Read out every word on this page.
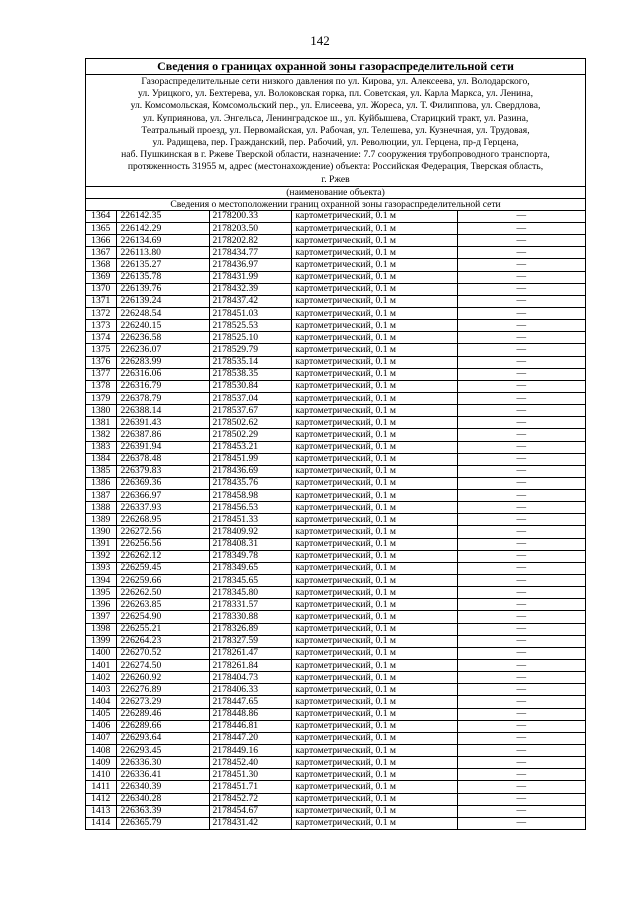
142
Сведения о границах охранной зоны газораспределительной сети
Газораспределительные сети низкого давления по ул. Кирова, ул. Алексеева, ул. Володарского,
ул. Урицкого, ул. Бехтерева, ул. Волоковская горка, пл. Советская, ул. Карла Маркса, ул. Ленина,
ул. Комсомольская, Комсомольский пер., ул. Елисеева, ул. Жореса, ул. Т. Филиппова, ул. Свердлова,
ул. Куприянова, ул. Энгельса, Ленинградское ш., ул. Куйбышева, Старицкий тракт, ул. Разина,
Театральный проезд, ул. Первомайская, ул. Рабочая, ул. Телешева, ул. Кузнечная, ул. Трудовая,
ул. Радищева, пер. Гражданский, пер. Рабочий, ул. Революции, ул. Герцена, пр-д Герцена,
наб. Пушкинская в г. Ржеве Тверской области, назначение: 7.7 сооружения трубопроводного транспорта,
протяженность 31955 м, адрес (местонахождение) объекта: Российская Федерация, Тверская область,
г. Ржев
(наименование объекта)
Сведения о местоположении границ охранной зоны газораспределительной сети
1364	226142.35	2178200.33	картометрический, 0.1 м	—
1365	226142.29	2178203.50	картометрический, 0.1 м	—
1366	226134.69	2178202.82	картометрический, 0.1 м	—
1367	226113.80	2178434.77	картометрический, 0.1 м	—
1368	226135.27	2178436.97	картометрический, 0.1 м	—
1369	226135.78	2178431.99	картометрический, 0.1 м	—
1370	226139.76	2178432.39	картометрический, 0.1 м	—
1371	226139.24	2178437.42	картометрический, 0.1 м	—
1372	226248.54	2178451.03	картометрический, 0.1 м	—
1373	226240.15	2178525.53	картометрический, 0.1 м	—
1374	226236.58	2178525.10	картометрический, 0.1 м	—
1375	226236.07	2178529.79	картометрический, 0.1 м	—
1376	226283.99	2178535.14	картометрический, 0.1 м	—
1377	226316.06	2178538.35	картометрический, 0.1 м	—
1378	226316.79	2178530.84	картометрический, 0.1 м	—
1379	226378.79	2178537.04	картометрический, 0.1 м	—
1380	226388.14	2178537.67	картометрический, 0.1 м	—
1381	226391.43	2178502.62	картометрический, 0.1 м	—
1382	226387.86	2178502.29	картометрический, 0.1 м	—
1383	226391.94	2178453.21	картометрический, 0.1 м	—
1384	226378.48	2178451.99	картометрический, 0.1 м	—
1385	226379.83	2178436.69	картометрический, 0.1 м	—
1386	226369.36	2178435.76	картометрический, 0.1 м	—
1387	226366.97	2178458.98	картометрический, 0.1 м	—
1388	226337.93	2178456.53	картометрический, 0.1 м	—
1389	226268.95	2178451.33	картометрический, 0.1 м	—
1390	226272.56	2178409.92	картометрический, 0.1 м	—
1391	226256.56	2178408.31	картометрический, 0.1 м	—
1392	226262.12	2178349.78	картометрический, 0.1 м	—
1393	226259.45	2178349.65	картометрический, 0.1 м	—
1394	226259.66	2178345.65	картометрический, 0.1 м	—
1395	226262.50	2178345.80	картометрический, 0.1 м	—
1396	226263.85	2178331.57	картометрический, 0.1 м	—
1397	226254.90	2178330.88	картометрический, 0.1 м	—
1398	226255.21	2178326.89	картометрический, 0.1 м	—
1399	226264.23	2178327.59	картометрический, 0.1 м	—
1400	226270.52	2178261.47	картометрический, 0.1 м	—
1401	226274.50	2178261.84	картометрический, 0.1 м	—
1402	226260.92	2178404.73	картометрический, 0.1 м	—
1403	226276.89	2178406.33	картометрический, 0.1 м	—
1404	226273.29	2178447.65	картометрический, 0.1 м	—
1405	226289.46	2178448.86	картометрический, 0.1 м	—
1406	226289.66	2178446.81	картометрический, 0.1 м	—
1407	226293.64	2178447.20	картометрический, 0.1 м	—
1408	226293.45	2178449.16	картометрический, 0.1 м	—
1409	226336.30	2178452.40	картометрический, 0.1 м	—
1410	226336.41	2178451.30	картометрический, 0.1 м	—
1411	226340.39	2178451.71	картометрический, 0.1 м	—
1412	226340.28	2178452.72	картометрический, 0.1 м	—
1413	226363.39	2178454.67	картометрический, 0.1 м	—
1414	226365.79	2178431.42	картометрический, 0.1 м	—
